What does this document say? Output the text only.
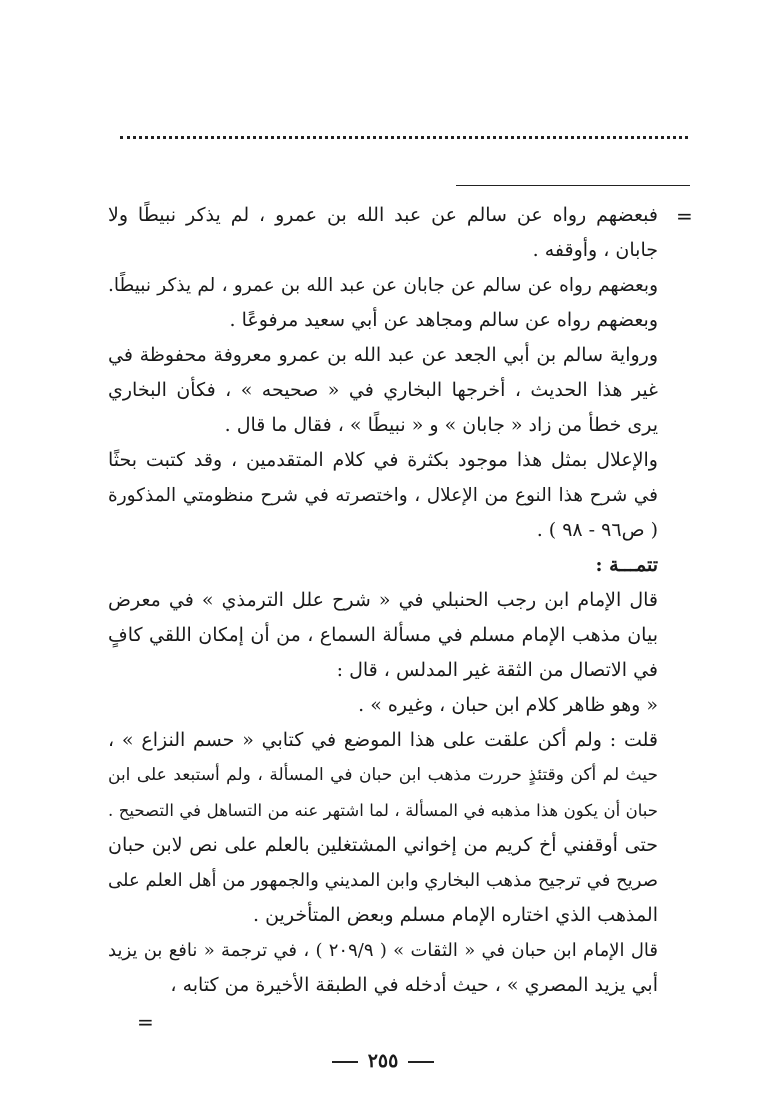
=
فبعضهم رواه عن سالم عن عبد الله بن عمرو ، لم يذكر نبيطًا ولا
جابان ، وأوقفه .
وبعضهم رواه عن سالم عن جابان عن عبد الله بن عمرو ، لم يذكر نبيطًا.
وبعضهم رواه عن سالم ومجاهد عن أبي سعيد مرفوعًا .
ورواية سالم بن أبي الجعد عن عبد الله بن عمرو معروفة محفوظة في
غير هذا الحديث ، أخرجها البخاري في « صحيحه » ، فكأن البخاري
يرى خطأ من زاد « جابان » و « نبيطًا » ، فقال ما قال .
والإعلال بمثل هذا موجود بكثرة في كلام المتقدمين ، وقد كتبت بحثًا
في شرح هذا النوع من الإعلال ، واختصرته في شرح منظومتي المذكورة
( ص٩٦ - ٩٨ ) .
تتمـــة :
قال الإمام ابن رجب الحنبلي في « شرح علل الترمذي » في معرض
بيان مذهب الإمام مسلم في مسألة السماع ، من أن إمكان اللقي كافٍ
في الاتصال من الثقة غير المدلس ، قال :
« وهو ظاهر كلام ابن حبان ، وغيره » .
قلت : ولم أكن علقت على هذا الموضع في كتابي « حسم النزاع » ،
حيث لم أكن وقتئذٍ حررت مذهب ابن حبان في المسألة ، ولم أستبعد على ابن
حبان أن يكون هذا مذهبه في المسألة ، لما اشتهر عنه من التساهل في التصحيح .
حتى أوقفني أخ كريم من إخواني المشتغلين بالعلم على نص لابن حبان
صريح في ترجيح مذهب البخاري وابن المديني والجمهور من أهل العلم على
المذهب الذي اختاره الإمام مسلم وبعض المتأخرين .
قال الإمام ابن حبان في « الثقات » ( ٢٠٩/٩ ) ، في ترجمة « نافع بن يزيد
أبي يزيد المصري » ، حيث أدخله في الطبقة الأخيرة من كتابه ،
=
٢٥٥
